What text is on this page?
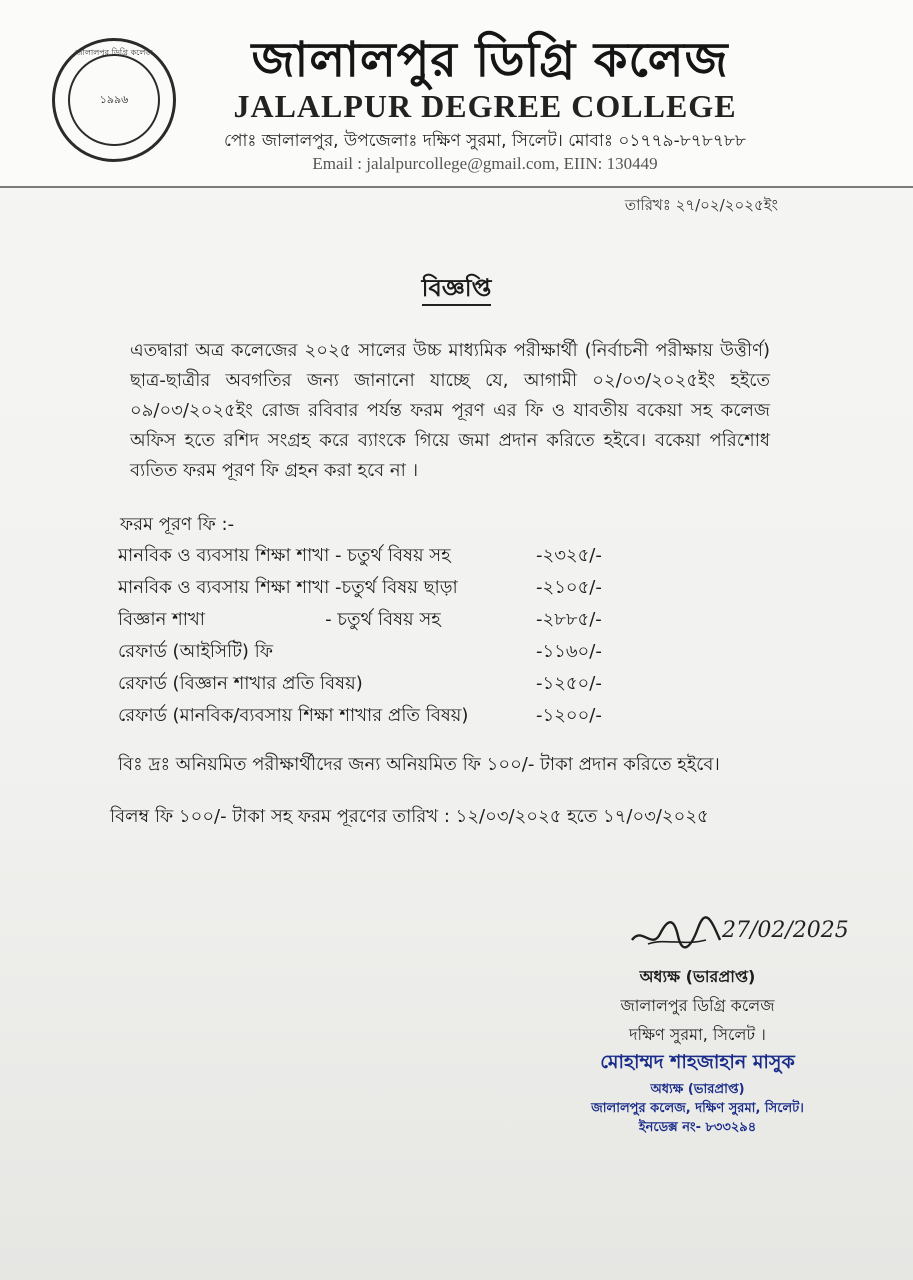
জালালপুর ডিগ্রি কলেজ
১৯৯৬
জালালপুর ডিগ্রি কলেজ
JALALPUR DEGREE COLLEGE
পোঃ জালালপুর, উপজেলাঃ দক্ষিণ সুরমা, সিলেট। মোবাঃ ০১৭৭৯-৮৭৮৭৮৮
Email : jalalpurcollege@gmail.com, EIIN: 130449
তারিখঃ ২৭/০২/২০২৫ইং
বিজ্ঞপ্তি
এতদ্বারা অত্র কলেজের ২০২৫ সালের উচ্চ মাধ্যমিক পরীক্ষার্থী (নির্বাচনী পরীক্ষায় উত্তীর্ণ) ছাত্র-ছাত্রীর অবগতির জন্য জানানো যাচ্ছে যে, আগামী ০২/০৩/২০২৫ইং হইতে ০৯/০৩/২০২৫ইং রোজ রবিবার পর্যন্ত ফরম পূরণ এর ফি ও যাবতীয় বকেয়া সহ কলেজ অফিস হতে রশিদ সংগ্রহ করে ব্যাংকে গিয়ে জমা প্রদান করিতে হইবে। বকেয়া পরিশোধ ব্যতিত ফরম পূরণ ফি গ্রহন করা হবে না ।
ফরম পূরণ ফি :-
মানবিক ও ব্যবসায় শিক্ষা শাখা - চতুর্থ বিষয় সহ	-২৩২৫/-
মানবিক ও ব্যবসায় শিক্ষা শাখা -চতুর্থ বিষয় ছাড়া	-২১০৫/-
বিজ্ঞান শাখা                     - চতুর্থ বিষয় সহ	-২৮৮৫/-
রেফার্ড (আইসিটি) ফি	-১১৬০/-
রেফার্ড (বিজ্ঞান শাখার প্রতি বিষয়)	-১২৫০/-
রেফার্ড (মানবিক/ব্যবসায় শিক্ষা শাখার প্রতি বিষয়)	-১২০০/-
বিঃ দ্রঃ অনিয়মিত পরীক্ষার্থীদের জন্য অনিয়মিত ফি ১০০/- টাকা প্রদান করিতে হইবে।
বিলম্ব ফি ১০০/- টাকা সহ ফরম পূরণের তারিখ : ১২/০৩/২০২৫ হতে ১৭/০৩/২০২৫
27/02/2025
অধ্যক্ষ (ভারপ্রাপ্ত)
জালালপুর ডিগ্রি কলেজ
দক্ষিণ সুরমা, সিলেট ।
মোহাম্মদ শাহজাহান মাসুক
অধ্যক্ষ (ভারপ্রাপ্ত)
জালালপুর কলেজ, দক্ষিণ সুরমা, সিলেট।
ইনডেক্স নং- ৮৩৩২৯৪
